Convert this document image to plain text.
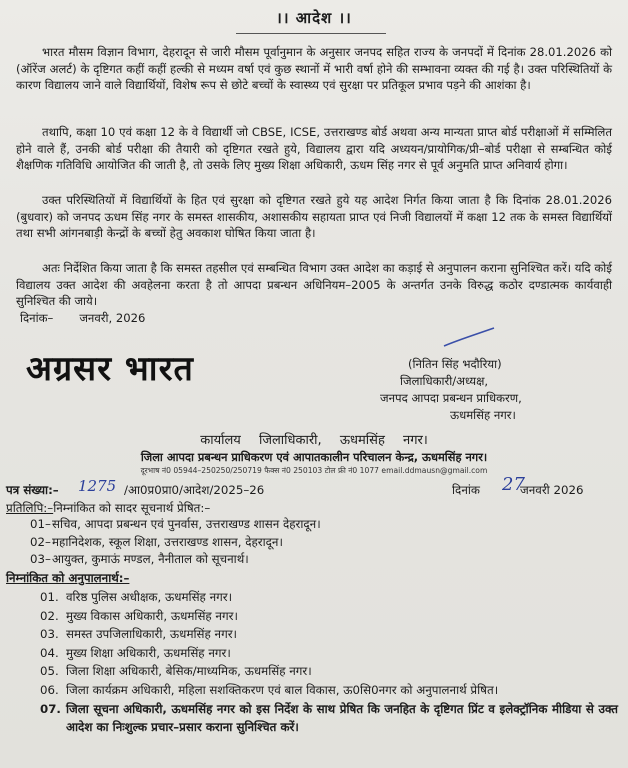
।। आदेश ।।
भारत मौसम विज्ञान विभाग, देहरादून से जारी मौसम पूर्वानुमान के अनुसार जनपद सहित राज्य के जनपदों में दिनांक 28.01.2026 को (ऑरेंज अलर्ट) के दृष्टिगत कहीं कहीं हल्की से मध्यम वर्षा एवं कुछ स्थानों में भारी वर्षा होने की सम्भावना व्यक्त की गई है। उक्त परिस्थितियों के कारण विद्यालय जाने वाले विद्यार्थियों, विशेष रूप से छोटे बच्चों के स्वास्थ्य एवं सुरक्षा पर प्रतिकूल प्रभाव पड़ने की आशंका है।
तथापि, कक्षा 10 एवं कक्षा 12 के वे विद्यार्थी जो CBSE, ICSE, उत्तराखण्ड बोर्ड अथवा अन्य मान्यता प्राप्त बोर्ड परीक्षाओं में सम्मिलित होने वाले हैं, उनकी बोर्ड परीक्षा की तैयारी को दृष्टिगत रखते हुये, विद्यालय द्वारा यदि अध्ययन/प्रायोगिक/प्री–बोर्ड परीक्षा से सम्बन्धित कोई शैक्षणिक गतिविधि आयोजित की जाती है, तो उसके लिए मुख्य शिक्षा अधिकारी, ऊधम सिंह नगर से पूर्व अनुमति प्राप्त अनिवार्य होगा।
उक्त परिस्थितियों में विद्यार्थियों के हित एवं सुरक्षा को दृष्टिगत रखते हुये यह आदेश निर्गत किया जाता है कि दिनांक 28.01.2026 (बुधवार) को जनपद ऊधम सिंह नगर के समस्त शासकीय, अशासकीय सहायता प्राप्त एवं निजी विद्यालयों में कक्षा 12 तक के समस्त विद्यार्थियों तथा सभी आंगनबाड़ी केन्द्रों के बच्चों हेतु अवकाश घोषित किया जाता है।
अतः निर्देशित किया जाता है कि समस्त तहसील एवं सम्बन्धित विभाग उक्त आदेश का कड़ाई से अनुपालन कराना सुनिश्चित करें। यदि कोई विद्यालय उक्त आदेश की अवहेलना करता है तो आपदा प्रबन्धन अधिनियम–2005 के अन्तर्गत उनके विरुद्ध कठोर दण्डात्मक कार्यवाही सुनिश्चित की जाये।
दिनांक– जनवरी, 2026
अग्रसर भारत	(नितिन सिंह भदौरिया)
जिलाधिकारी/अध्यक्ष,
जनपद आपदा प्रबन्धन प्राधिकरण,
ऊधमसिंह नगर।
कार्यालय जिलाधिकारी, ऊधमसिंह नगर।
जिला आपदा प्रबन्धन प्राधिकरण एवं आपातकालीन परिचालन केन्द्र, ऊधमसिंह नगर।
दूरभाष नं0 05944–250250/250719 फैक्स नं0 250103 टोल फ्री नं0 1077 email.ddmausn@gmail.com
पत्र संख्या:– 1275 /आ0प्र0प्रा0/आदेश/2025–26	दिनांक 27
जनवरी 2026
प्रतिलिपि:–निम्नांकित को सादर सूचनार्थ प्रेषित:–
01–सचिव, आपदा प्रबन्धन एवं पुनर्वास, उत्तराखण्ड शासन देहरादून।
02–महानिदेशक, स्कूल शिक्षा, उत्तराखण्ड शासन, देहरादून।
03–आयुक्त, कुमाऊं मण्डल, नैनीताल को सूचनार्थ।
निम्नांकित को अनुपालनार्थ:–
01. वरिष्ठ पुलिस अधीक्षक, ऊधमसिंह नगर।
02. मुख्य विकास अधिकारी, ऊधमसिंह नगर।
03. समस्त उपजिलाधिकारी, ऊधमसिंह नगर।
04. मुख्य शिक्षा अधिकारी, ऊधमसिंह नगर।
05. जिला शिक्षा अधिकारी, बेसिक/माध्यमिक, ऊधमसिंह नगर।
06. जिला कार्यक्रम अधिकारी, महिला सशक्तिकरण एवं बाल विकास, ऊ0सि0नगर को अनुपालनार्थ प्रेषित।
07. जिला सूचना अधिकारी, ऊधमसिंह नगर को इस निर्देश के साथ प्रेषित कि जनहित के दृष्टिगत प्रिंट व इलेक्ट्रॉनिक मीडिया से उक्त आदेश का निःशुल्क प्रचार–प्रसार कराना सुनिश्चित करें।
